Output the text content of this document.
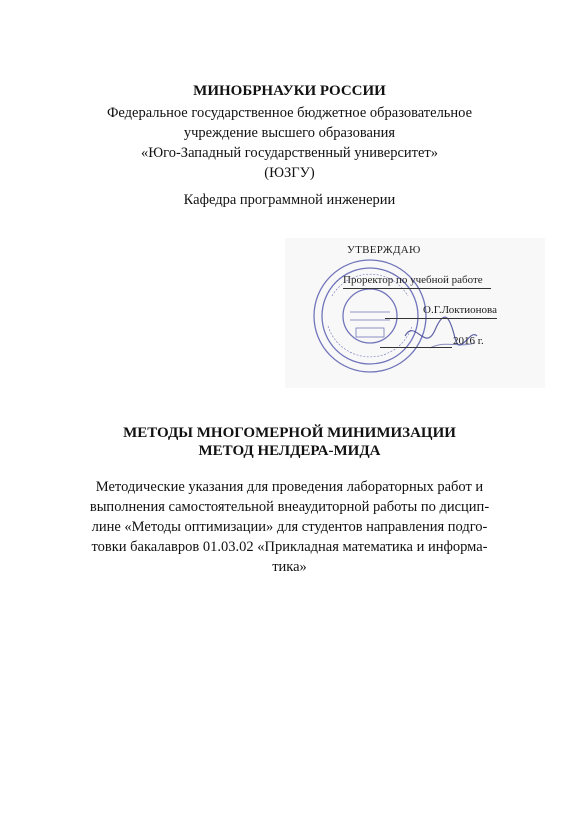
МИНОБРНАУКИ РОССИИ
Федеральное государственное бюджетное образовательное
учреждение высшего образования
«Юго-Западный государственный университет»
(ЮЗГУ)
Кафедра программной инженерии
УТВЕРЖДАЮ
Проректор по учебной работе
О.Г.Локтионова
2016 г.
МЕТОДЫ МНОГОМЕРНОЙ МИНИМИЗАЦИИ
МЕТОД НЕЛДЕРА-МИДА
Методические указания для проведения лабораторных работ и
выполнения самостоятельной внеаудиторной работы по дисцип-
лине «Методы оптимизации» для студентов направления подго-
товки бакалавров 01.03.02 «Прикладная математика и информа-
тика»
